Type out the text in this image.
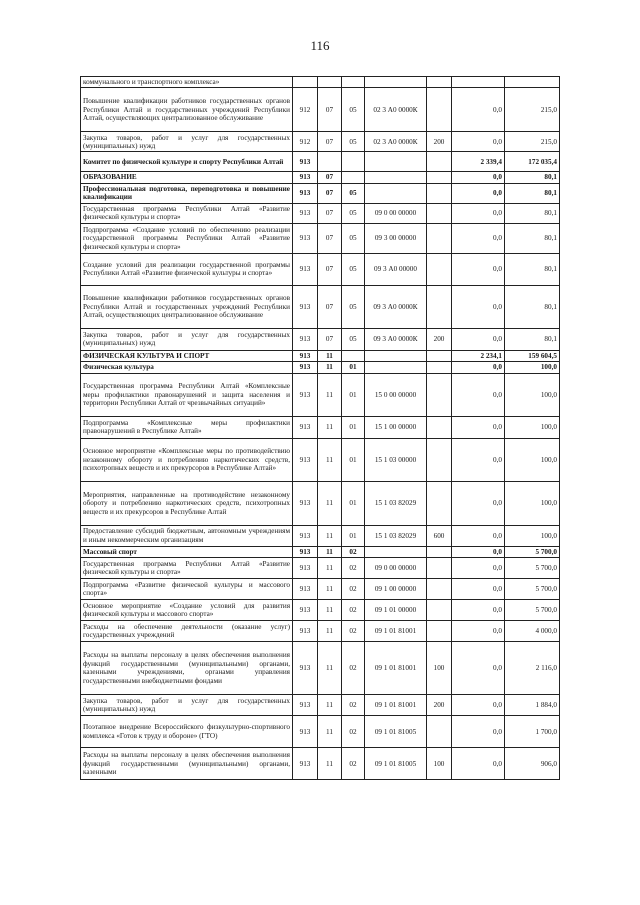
116
коммунального и транспортного комплекса»							
Повышение квалификации работников государственных органов Республики Алтай и государственных учреждений Республики Алтай, осуществляющих централизованное обслуживание	912	07	05	02 3 А0 0000К		0,0	215,0
Закупка товаров, работ и услуг для государственных (муниципальных) нужд	912	07	05	02 3 А0 0000К	200	0,0	215,0
Комитет по физической культуре и спорту Республики Алтай	913					2 339,4	172 035,4
ОБРАЗОВАНИЕ	913	07				0,0	80,1
Профессиональная подготовка, переподготовка и повышение квалификации	913	07	05			0,0	80,1
Государственная программа Республики Алтай «Развитие физической культуры и спорта»	913	07	05	09 0 00 00000		0,0	80,1
Подпрограмма «Создание условий по обеспечению реализации государственной программы Республики Алтай «Развитие физической культуры и спорта»	913	07	05	09 3 00 00000		0,0	80,1
Создание условий для реализации государственной программы Республики Алтай «Развитие физической культуры и спорта»	913	07	05	09 3 А0 00000		0,0	80,1
Повышение квалификации работников государственных органов Республики Алтай и государственных учреждений Республики Алтай, осуществляющих централизованное обслуживание	913	07	05	09 3 А0 0000К		0,0	80,1
Закупка товаров, работ и услуг для государственных (муниципальных) нужд	913	07	05	09 3 А0 0000К	200	0,0	80,1
ФИЗИЧЕСКАЯ КУЛЬТУРА И СПОРТ	913	11				2 234,1	159 604,5
Физическая культура	913	11	01			0,0	100,0
Государственная программа Республики Алтай «Комплексные меры профилактики правонарушений и защита населения и территории Республики Алтай от чрезвычайных ситуаций»	913	11	01	15 0 00 00000		0,0	100,0
Подпрограмма «Комплексные меры профилактики правонарушений в Республике Алтай»	913	11	01	15 1 00 00000		0,0	100,0
Основное мероприятие «Комплексные меры по противодействию незаконному обороту и потреблению наркотических средств, психотропных веществ и их прекурсоров в Республике Алтай»	913	11	01	15 1 03 00000		0,0	100,0
Мероприятия, направленные на противодействие незаконному обороту и потреблению наркотических средств, психотропных веществ и их прекурсоров в Республике Алтай	913	11	01	15 1 03 82029		0,0	100,0
Предоставление субсидий бюджетным, автономным учреждениям и иным некоммерческим организациям	913	11	01	15 1 03 82029	600	0,0	100,0
Массовый спорт	913	11	02			0,0	5 700,0
Государственная программа Республики Алтай «Развитие физической культуры и спорта»	913	11	02	09 0 00 00000		0,0	5 700,0
Подпрограмма «Развитие физической культуры и массового спорта»	913	11	02	09 1 00 00000		0,0	5 700,0
Основное мероприятие «Создание условий для развития физической культуры и массового спорта»	913	11	02	09 1 01 00000		0,0	5 700,0
Расходы на обеспечение деятельности (оказание услуг) государственных учреждений	913	11	02	09 1 01 81001		0,0	4 000,0
Расходы на выплаты персоналу в целях обеспечения выполнения функций государственными (муниципальными) органами, казенными учреждениями, органами управления государственными внебюджетными фондами	913	11	02	09 1 01 81001	100	0,0	2 116,0
Закупка товаров, работ и услуг для государственных (муниципальных) нужд	913	11	02	09 1 01 81001	200	0,0	1 884,0
Поэтапное внедрение Всероссийского физкультурно-спортивного комплекса «Готов к труду и обороне» (ГТО)	913	11	02	09 1 01 81005		0,0	1 700,0
Расходы на выплаты персоналу в целях обеспечения выполнения функций государственными (муниципальными) органами, казенными	913	11	02	09 1 01 81005	100	0,0	906,0
